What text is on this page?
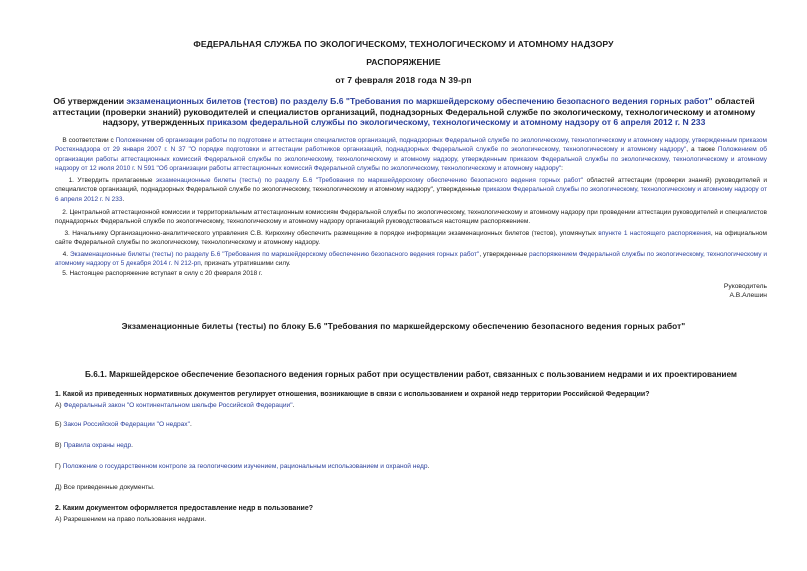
ФЕДЕРАЛЬНАЯ СЛУЖБА ПО ЭКОЛОГИЧЕСКОМУ, ТЕХНОЛОГИЧЕСКОМУ И АТОМНОМУ НАДЗОРУ
РАСПОРЯЖЕНИЕ
от 7 февраля 2018 года N 39-рп
Об утверждении экзаменационных билетов (тестов) по разделу Б.6 "Требования по маркшейдерскому обеспечению безопасного ведения горных работ" областей аттестации (проверки знаний) руководителей и специалистов организаций, поднадзорных Федеральной службе по экологическому, технологическому и атомному надзору, утвержденных приказом федеральной службы по экологическому, технологическому и атомному надзору от 6 апреля 2012 г. N 233

В соответствии с Положением об организации работы по подготовке и аттестации специалистов организаций, поднадзорных Федеральной службе по экологическому, технологическому и атомному надзору, утвержденным приказом Ростехнадзора от 29 января 2007 г. N 37 "О порядке подготовки и аттестации работников организаций, поднадзорных Федеральной службе по экологическому, технологическому и атомному надзору", а также Положением об организации работы аттестационных комиссий Федеральной службы по экологическому, технологическому и атомному надзору, утвержденным приказом Федеральной службы по экологическому, технологическому и атомному надзору от 12 июля 2010 г. N 591 "Об организации работы аттестационных комиссий Федеральной службы по экологическому, технологическому и атомному надзору":

1. Утвердить прилагаемые экзаменационные билеты (тесты) по разделу Б.6 "Требования по маркшейдерскому обеспечению безопасного ведения горных работ" областей аттестации (проверки знаний) руководителей и специалистов организаций, поднадзорных Федеральной службе по экологическому, технологическому и атомному надзору", утвержденные приказом Федеральной службы по экологическому, технологическому и атомному надзору от 6 апреля 2012 г. N 233.

2. Центральной аттестационной комиссии и территориальным аттестационным комиссиям Федеральной службы по экологическому, технологическому и атомному надзору при проведении аттестации руководителей и специалистов поднадзорных Федеральной службе по экологическому, технологическому и атомному надзору организаций руководствоваться настоящим распоряжением.

3. Начальнику Организационно-аналитического управления С.В. Кирюхину обеспечить размещение в порядке информации экзаменационных билетов (тестов), упомянутых впункте 1 настоящего распоряжения, на официальном сайте Федеральной службы по экологическому, технологическому и атомному надзору.

4. Экзаменационные билеты (тесты) по разделу Б.6 "Требования по маркшейдерскому обеспечению безопасного ведения горных работ", утвержденные распоряжением Федеральной службы по экологическому, технологическому и атомному надзору от 5 декабря 2014 г. N 212-рп, признать утратившими силу.

5. Настоящее распоряжение вступает в силу с 20 февраля 2018 г.

Руководитель
А.В.Алешин
Экзаменационные билеты (тесты) по блоку Б.6 "Требования по маркшейдерскому обеспечению безопасного ведения горных работ"
Б.6.1. Маркшейдерское обеспечение безопасного ведения горных работ при осуществлении работ, связанных с пользованием недрами и их проектированием
1. Какой из приведенных нормативных документов регулирует отношения, возникающие в связи с использованием и охраной недр территории Российской Федерации?
А) Федеральный закон "О континентальном шельфе Российской Федерации".
Б) Закон Российской Федерации "О недрах".
В) Правила охраны недр.
Г) Положение о государственном контроле за геологическим изучением, рациональным использованием и охраной недр.
Д) Все приведенные документы.
2. Каким документом оформляется предоставление недр в пользование?
А) Разрешением на право пользования недрами.
